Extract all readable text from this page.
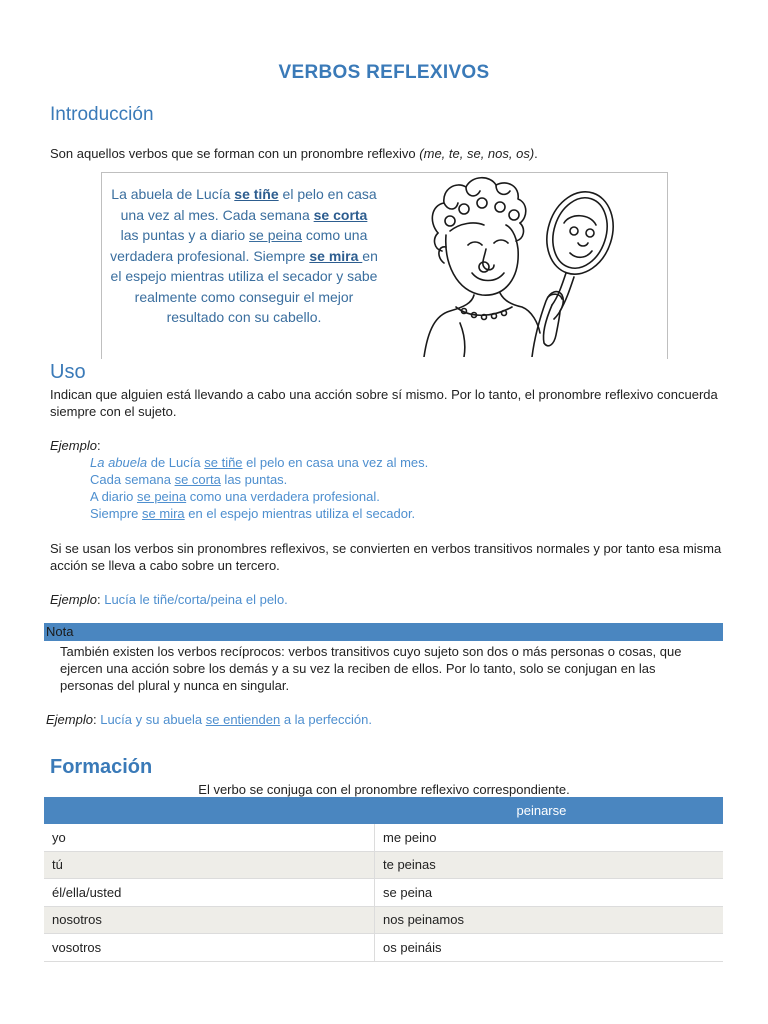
VERBOS REFLEXIVOS
Introducción
Son aquellos verbos que se forman con un pronombre reflexivo (me, te, se, nos, os).
La abuela de Lucía se tiñe el pelo en casa una vez al mes. Cada semana se corta las puntas y a diario se peina como una verdadera profesional. Siempre se mira en el espejo mientras utiliza el secador y sabe realmente como conseguir el mejor resultado con su cabello.
Uso
Indican que alguien está llevando a cabo una acción sobre sí mismo. Por lo tanto, el pronombre reflexivo concuerda siempre con el sujeto.
Ejemplo:
La abuela de Lucía se tiñe el pelo en casa una vez al mes.
Cada semana se corta las puntas.
A diario se peina como una verdadera profesional.
Siempre se mira en el espejo mientras utiliza el secador.
Si se usan los verbos sin pronombres reflexivos, se convierten en verbos transitivos normales y por tanto esa misma acción se lleva a cabo sobre un tercero.
Ejemplo: Lucía le tiñe/corta/peina el pelo.
Nota
También existen los verbos recíprocos: verbos transitivos cuyo sujeto son dos o más personas o cosas, que ejercen una acción sobre los demás y a su vez la reciben de ellos. Por lo tanto, solo se conjugan en las personas del plural y nunca en singular.
Ejemplo: Lucía y su abuela se entienden a la perfección.
Formación
El verbo se conjuga con el pronombre reflexivo correspondiente.
	peinarse
yo	me peino
tú	te peinas
él/ella/usted	se peina
nosotros	nos peinamos
vosotros	os peináis
